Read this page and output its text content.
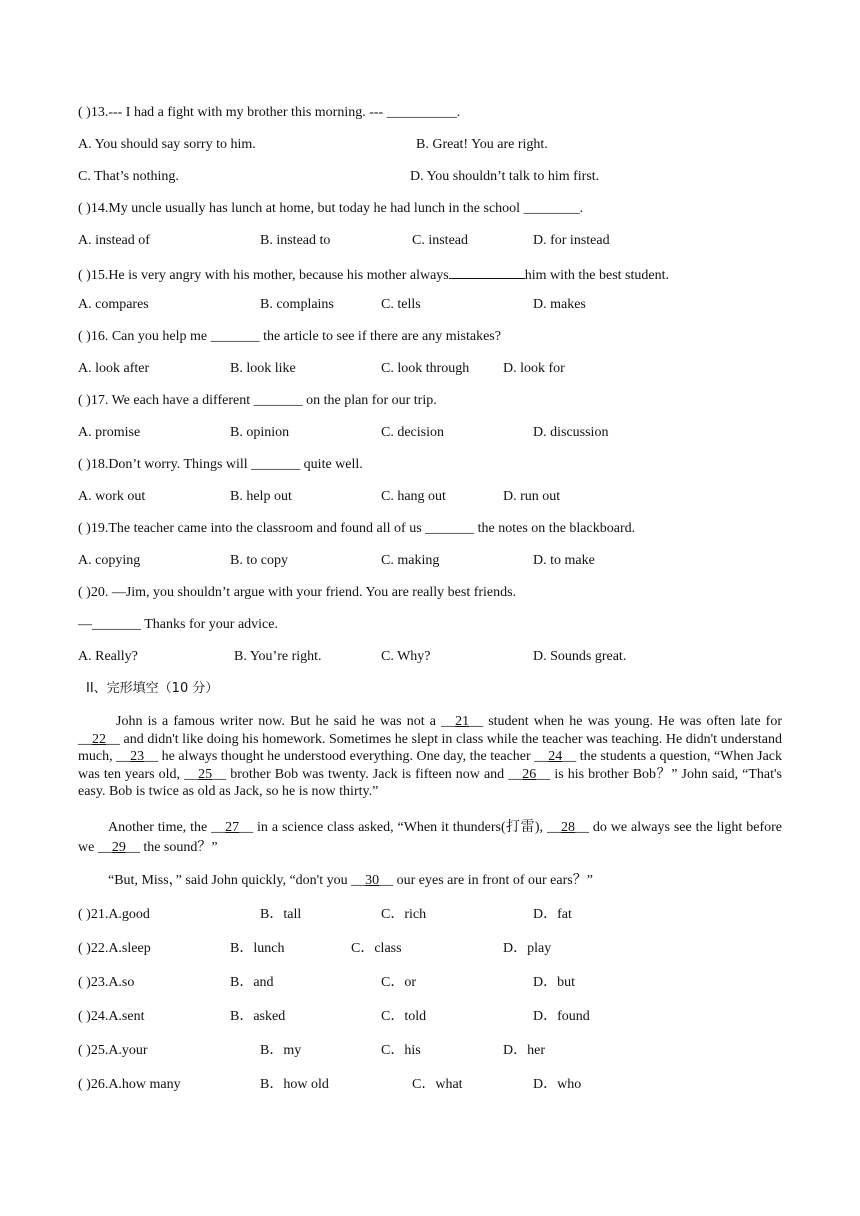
( )13.--- I had a fight with my brother this morning. --- __________.
A. You should say sorry to him.	B. Great! You are right.
C. That’s nothing.	D. You shouldn’t talk to him first.
( )14.My uncle usually has lunch at home, but today he had lunch in the school ________.
A. instead of	B. instead to	C. instead	D. for instead
( )15.He is very angry with his mother, because his mother always	him with the best student.
A. compares	B. complains	C. tells	D. makes
( )16. Can you help me _______ the article to see if there are any mistakes?
A. look after	B. look like	C. look through D. look for
( )17. We each have a different _______ on the plan for our trip.
A. promise	B. opinion	C. decision	D. discussion
( )18.Don’t worry. Things will _______ quite well.
A. work out	B. help out	C. hang out	D. run out
( )19.The teacher came into the classroom and found all of us _______ the notes on the blackboard.
A. copying	B. to copy	C. making	D. to make
( )20. —Jim, you shouldn’t argue with your friend. You are really best friends.
—_______ Thanks for your advice.
A. Really?	B. You’re right.	C. Why?	D. Sounds great.
II、完形填空（10 分）
John is a famous writer now. But he said he was not a __21__ student when he was young. He was often late for __22__ and didn't like doing his homework. Sometimes he slept in class while the teacher was teaching. He didn't understand much, __23__ he always thought he understood everything. One day, the teacher __24__ the students a question, “When Jack was ten years old, __25__ brother Bob was twenty. Jack is fifteen now and __26__ is his brother Bob？” John said, “That's easy. Bob is twice as old as Jack, so he is now thirty.”
Another time, the __27__ in a science class asked, “When it thunders(打雷), __28__ do we always see the light before we __29__ the sound？”
“But, Miss，” said John quickly, “don't you __30__ our eyes are in front of our ears？”
( )21.A.good	B．tall	C．rich	D．fat
( )22.A.sleep	B．lunch	C．class	D．play
( )23.A.so	B．and	C．or	D．but
( )24.A.sent	B．asked	C．told	D．found
( )25.A.your	B．my	C．his	D．her
( )26.A.how many	B．how old	C．what	D．who
